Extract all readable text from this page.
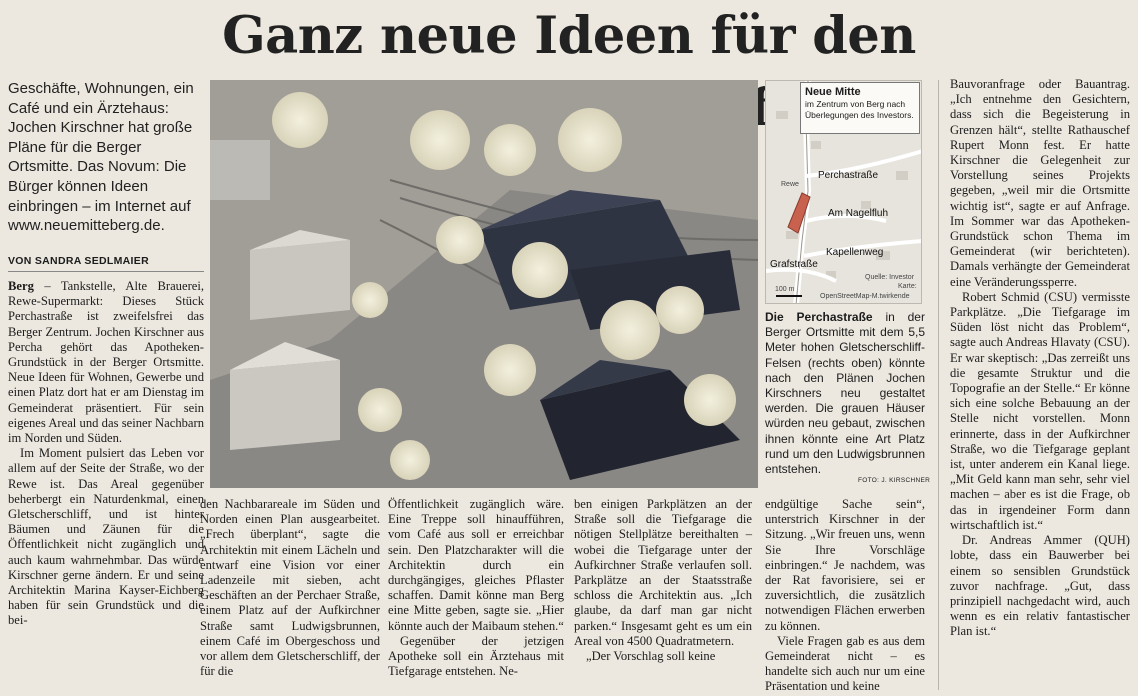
Ganz neue Ideen für den
Geschäfte, Wohnungen, ein Café und ein Ärztehaus: Jochen Kirschner hat große Pläne für die Berger Ortsmitte. Das Novum: Die Bürger können Ideen einbringen – im Internet auf www.neuemitteberg.de.
VON SANDRA SEDLMAIER

Berg – Tankstelle, Alte Brauerei, Rewe-Supermarkt: Dieses Stück Perchastraße ist zweifelsfrei das Berger Zentrum. Jochen Kirschner aus Percha gehört das Apotheken-Grundstück in der Berger Ortsmitte. Neue Ideen für Wohnen, Gewerbe und einen Platz dort hat er am Dienstag im Gemeinderat präsentiert. Für sein eigenes Areal und das seiner Nachbarn im Norden und Süden.

Im Moment pulsiert das Leben vor allem auf der Seite der Straße, wo der Rewe ist. Das Areal gegenüber beherbergt ein Naturdenkmal, einen Gletscherschliff, und ist hinter Bäumen und Zäunen für die Öffentlichkeit nicht zugänglich und auch kaum wahrnehmbar. Das würde Kirschner gerne ändern. Er und seine Architektin Marina Kayser-Eichberg haben für sein Grundstück und die bei-

FOTO: J. KIRSCHNER
Neue Mitte
im Zentrum von Berg nach Überlegungen des Investors.
Perchastraße
Am Nagelfluh
Kapellenweg
Grafstraße
Rewe
100 m
Quelle: Investor
Karte:
OpenStreetMap-M.twirkende
Die Perchastraße in der Berger Ortsmitte mit dem 5,5 Meter hohen Gletscherschliff-Felsen (rechts oben) könnte nach den Plänen Jochen Kirschners neu gestaltet werden. Die grauen Häuser würden neu gebaut, zwischen ihnen könnte eine Art Platz rund um den Ludwigsbrunnen entstehen.

den Nachbarareale im Süden und Norden einen Plan ausgearbeitet. „Frech überplant“, sagte die Architektin mit einem Lächeln und entwarf eine Vision vor einer Ladenzeile mit sieben, acht Geschäften an der Perchaer Straße, einem Platz auf der Aufkirchner Straße samt Ludwigsbrunnen, einem Café im Obergeschoss und vor allem dem Gletscherschliff, der für die

Öffentlichkeit zugänglich wäre. Eine Treppe soll hinaufführen, vom Café aus soll er erreichbar sein. Den Platzcharakter will die Architektin durch ein durchgängiges, gleiches Pflaster schaffen. Damit könne man Berg eine Mitte geben, sagte sie. „Hier könnte auch der Maibaum stehen.“

Gegenüber der jetzigen Apotheke soll ein Ärztehaus mit Tiefgarage entstehen. Ne-

ben einigen Parkplätzen an der Straße soll die Tiefgarage die nötigen Stellplätze bereithalten – wobei die Tiefgarage unter der Aufkirchner Straße verlaufen soll. Parkplätze an der Staatsstraße schloss die Architektin aus. „Ich glaube, da darf man gar nicht parken.“ Insgesamt geht es um ein Areal von 4500 Quadratmetern.

„Der Vorschlag soll keine

endgültige Sache sein“, unterstrich Kirschner in der Sitzung. „Wir freuen uns, wenn Sie Ihre Vorschläge einbringen.“ Je nachdem, was der Rat favorisiere, sei er zuversichtlich, die zusätzlich notwendigen Flächen erwerben zu können.

Viele Fragen gab es aus dem Gemeinderat nicht – es handelte sich auch nur um eine Präsentation und keine

Bauvoranfrage oder Bauantrag. „Ich entnehme den Gesichtern, dass sich die Begeisterung in Grenzen hält“, stellte Rathauschef Rupert Monn fest. Er hatte Kirschner die Gelegenheit zur Vorstellung seines Projekts gegeben, „weil mir die Ortsmitte wichtig ist“, sagte er auf Anfrage. Im Sommer war das Apotheken-Grundstück schon Thema im Gemeinderat (wir berichteten). Damals verhängte der Gemeinderat eine Veränderungssperre.

Robert Schmid (CSU) vermisste Parkplätze. „Die Tiefgarage im Süden löst nicht das Problem“, sagte auch Andreas Hlavaty (CSU). Er war skeptisch: „Das zerreißt uns die gesamte Struktur und die Topografie an der Stelle.“ Er könne sich eine solche Bebauung an der Stelle nicht vorstellen. Monn erinnerte, dass in der Aufkirchner Straße, wo die Tiefgarage geplant ist, unter anderem ein Kanal liege. „Mit Geld kann man sehr, sehr viel machen – aber es ist die Frage, ob das in irgendeiner Form dann wirtschaftlich ist.“

Dr. Andreas Ammer (QUH) lobte, dass ein Bauwerber bei einem so sensiblen Grundstück zuvor nachfrage. „Gut, dass prinzipiell nachgedacht wird, auch wenn es ein relativ fantastischer Plan ist.“
